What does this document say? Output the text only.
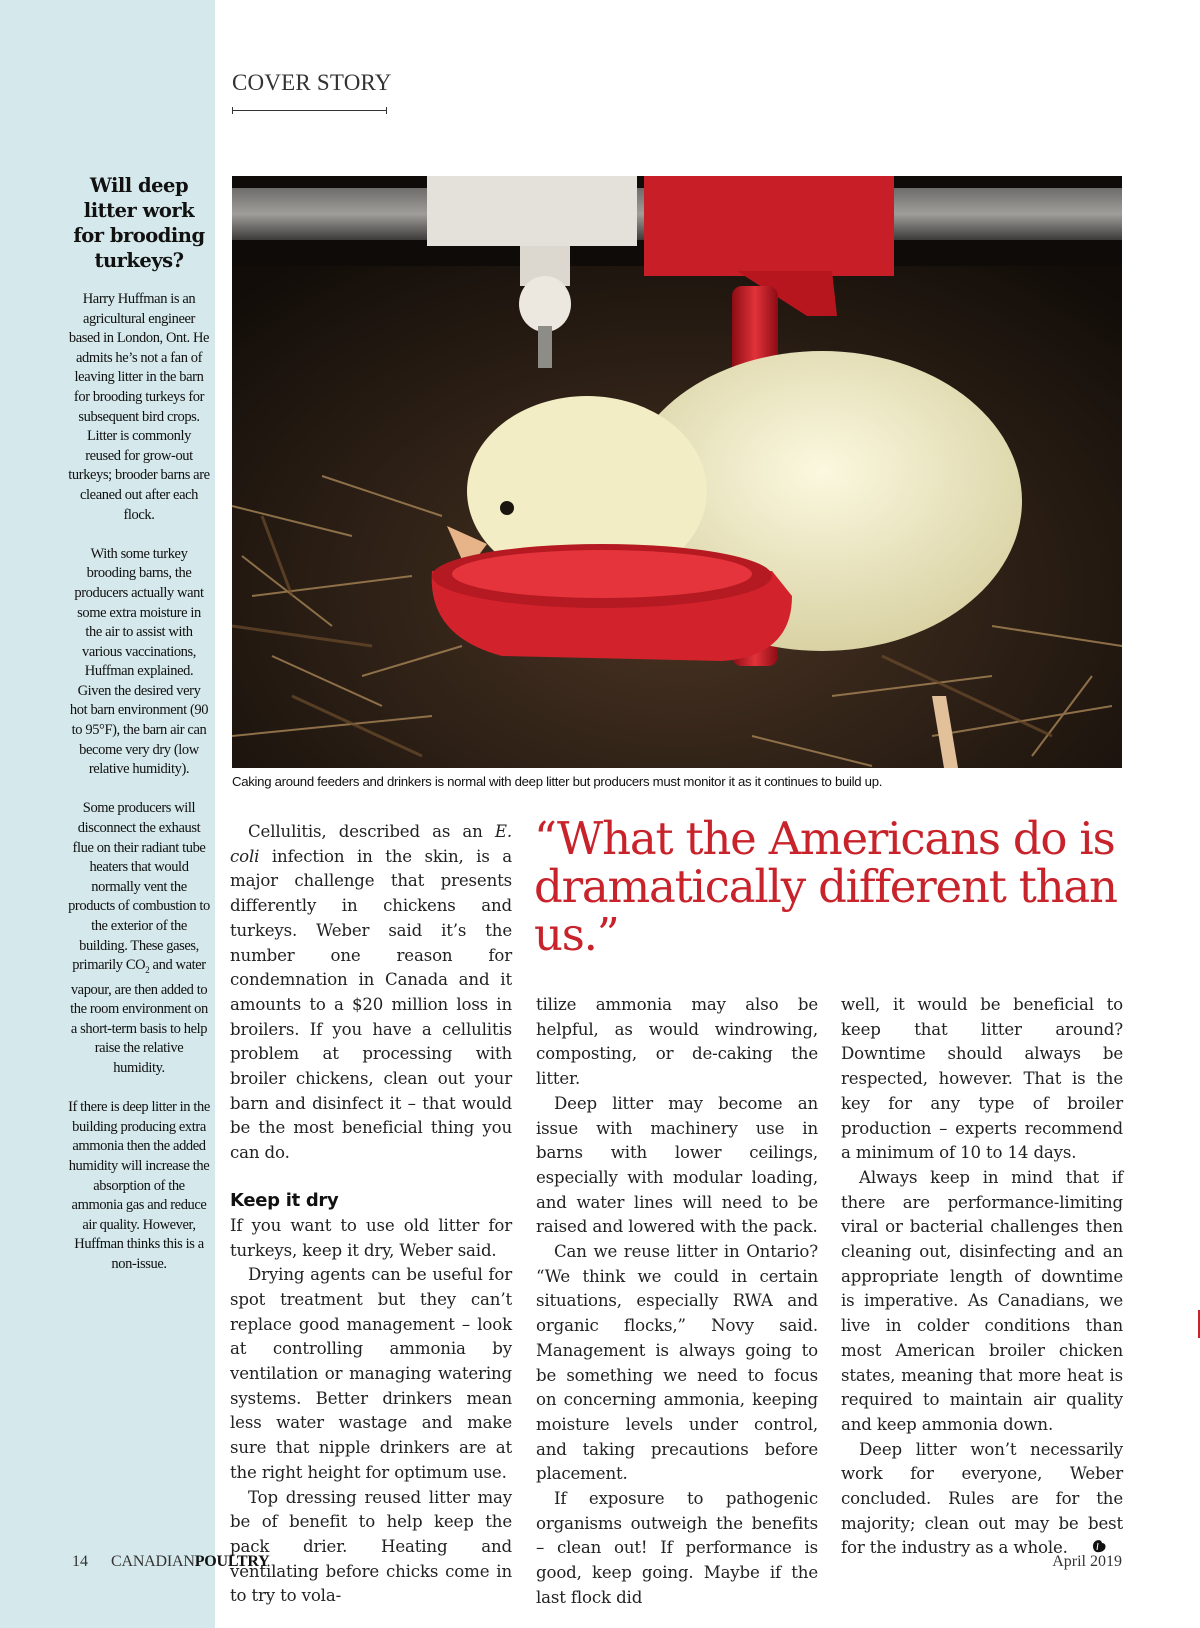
COVER STORY
Will deep litter work for brooding turkeys?

Harry Huffman is an agricultural engineer based in London, Ont. He admits he’s not a fan of leaving litter in the barn for brooding turkeys for subsequent bird crops. Litter is commonly reused for grow-out turkeys; brooder barns are cleaned out after each flock.

With some turkey brooding barns, the producers actually want some extra moisture in the air to assist with various vaccinations, Huffman explained. Given the desired very hot barn environment (90 to 95°F), the barn air can become very dry (low relative humidity).

Some producers will disconnect the exhaust flue on their radiant tube heaters that would normally vent the products of combustion to the exterior of the building. These gases, primarily $CO_2$ and water vapour, are then added to the room environment on a short-term basis to help raise the relative humidity.

If there is deep litter in the building producing extra ammonia then the added humidity will increase the absorption of the ammonia gas and reduce air quality. However, Huffman thinks this is a non-issue.

Caking around feeders and drinkers is normal with deep litter but producers must monitor it as it continues to build up.
“What the Americans do is dramatically different than us.”

Cellulitis, described as an E. coli infection in the skin, is a major challenge that presents differently in chickens and turkeys. Weber said it’s the number one reason for condemnation in Canada and it amounts to a $20 million loss in broilers. If you have a cellulitis problem at processing with broiler chickens, clean out your barn and disinfect it – that would be the most beneficial thing you can do.

Keep it dry

If you want to use old litter for turkeys, keep it dry, Weber said.

Drying agents can be useful for spot treatment but they can’t replace good management – look at controlling ammonia by ventilation or managing watering systems. Better drinkers mean less water wastage and make sure that nipple drinkers are at the right height for optimum use.

Top dressing reused litter may be of benefit to help keep the pack drier. Heating and ventilating before chicks come in to try to vola-

tilize ammonia may also be helpful, as would windrowing, composting, or de-caking the litter.

Deep litter may become an issue with machinery use in barns with lower ceilings, especially with modular loading, and water lines will need to be raised and lowered with the pack.

Can we reuse litter in Ontario? “We think we could in certain situations, especially RWA and organic flocks,” Novy said. Management is always going to be something we need to focus on concerning ammonia, keeping moisture levels under control, and taking precautions before placement.

If exposure to pathogenic organisms outweigh the benefits – clean out! If performance is good, keep going. Maybe if the last flock did

well, it would be beneficial to keep that litter around? Downtime should always be respected, however. That is the key for any type of broiler production – experts recommend a minimum of 10 to 14 days.

Always keep in mind that if there are performance-limiting viral or bacterial challenges then cleaning out, disinfecting and an appropriate length of downtime is imperative. As Canadians, we live in colder conditions than most American broiler chicken states, meaning that more heat is required to maintain air quality and keep ammonia down.

Deep litter won’t necessarily work for everyone, Weber concluded. Rules are for the majority; clean out may be best for the industry as a whole.

14 CANADIANPOULTRY	April 2019
